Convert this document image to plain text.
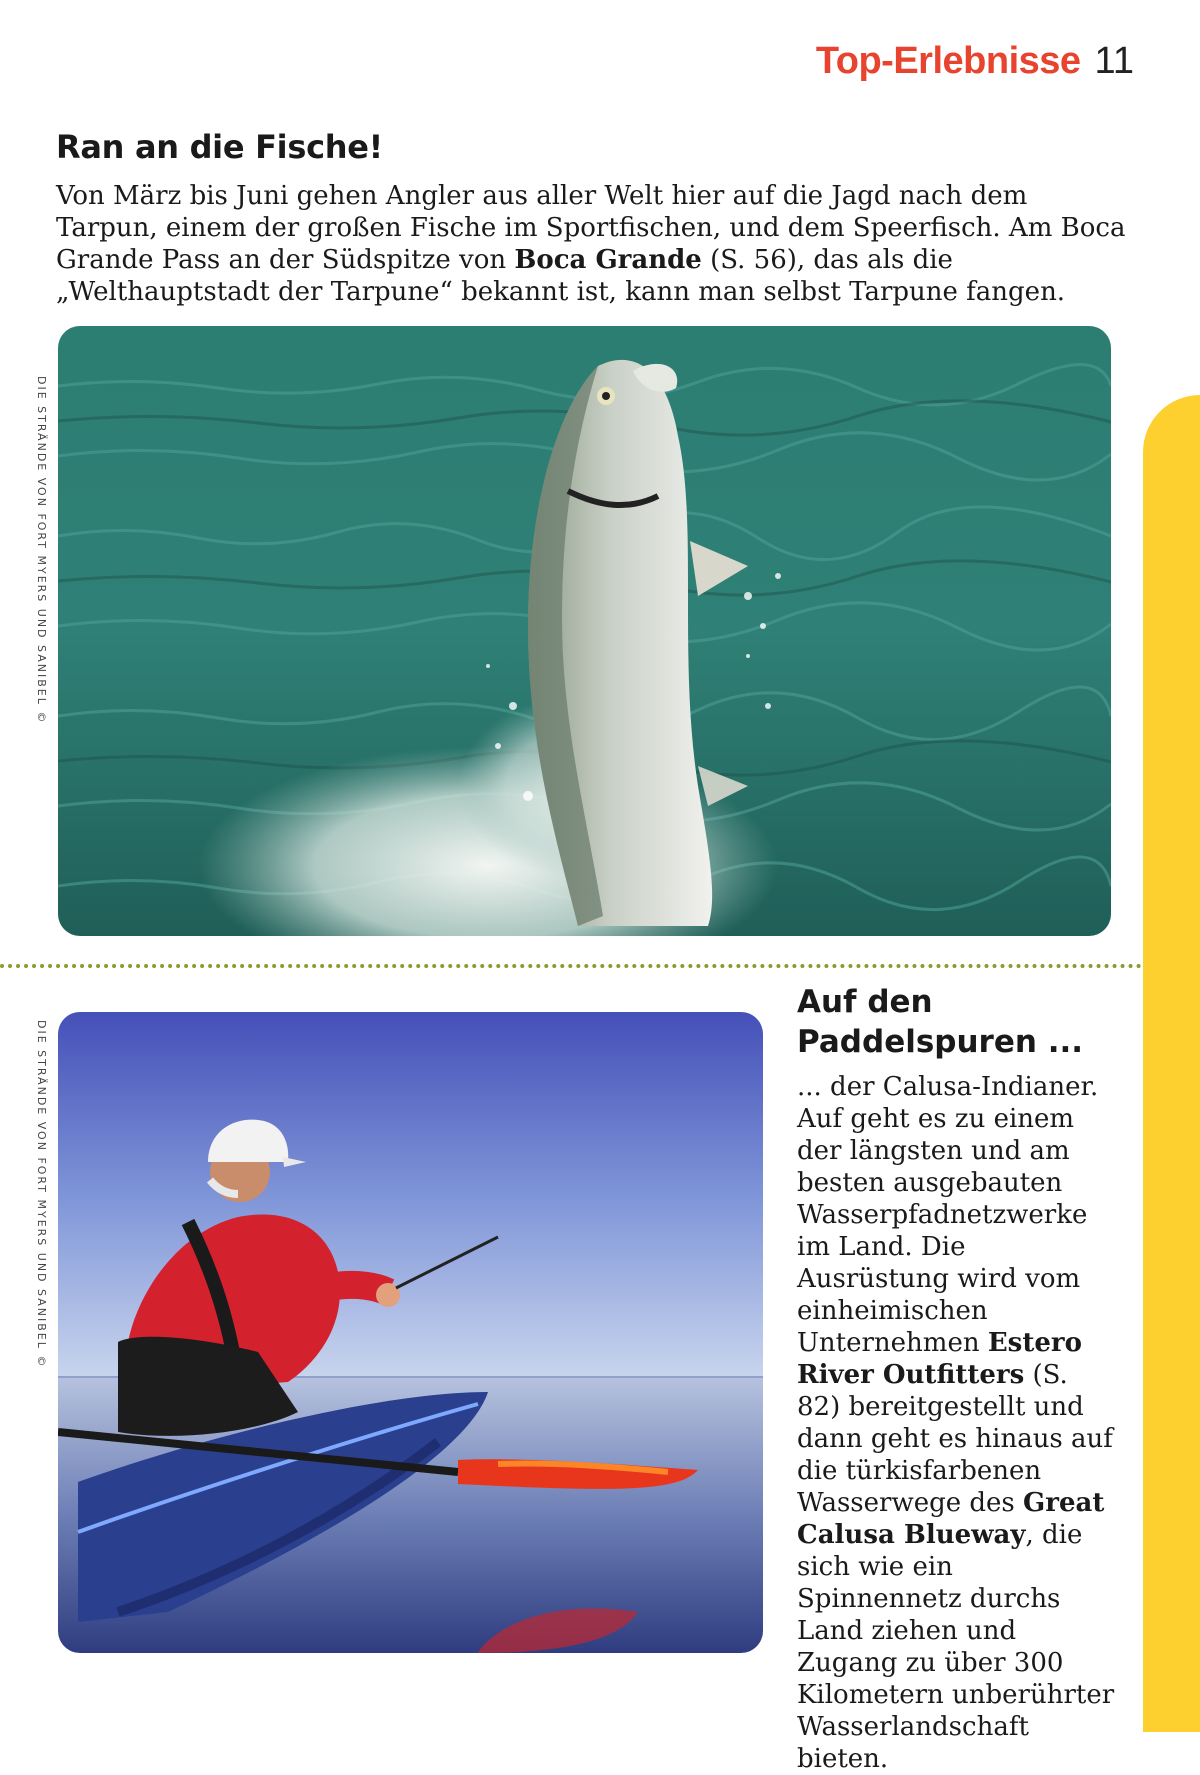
Top-Erlebnisse 11
Ran an die Fische!

Von März bis Juni gehen Angler aus aller Welt hier auf die Jagd nach dem Tarpun, einem der großen Fische im Sportfischen, und dem Speerfisch. Am Boca Grande Pass an der Südspitze von Boca Grande (S. 56), das als die „Welthauptstadt der Tarpune“ bekannt ist, kann man selbst Tarpune fangen.

DIE STRÄNDE VON FORT MYERS UND SANIBEL ©
DIE STRÄNDE VON FORT MYERS UND SANIBEL ©
Auf den Paddelspuren ...

... der Calusa-Indianer. Auf geht es zu einem der längsten und am besten ausgebauten Wasserpfadnetzwerke im Land. Die Ausrüstung wird vom einheimischen Unternehmen Estero River Outfitters (S. 82) bereitgestellt und dann geht es hinaus auf die türkisfarbenen Wasserwege des Great Calusa Blueway, die sich wie ein Spinnennetz durchs Land ziehen und Zugang zu über 300 Kilometern unberührter Wasserlandschaft bieten.
